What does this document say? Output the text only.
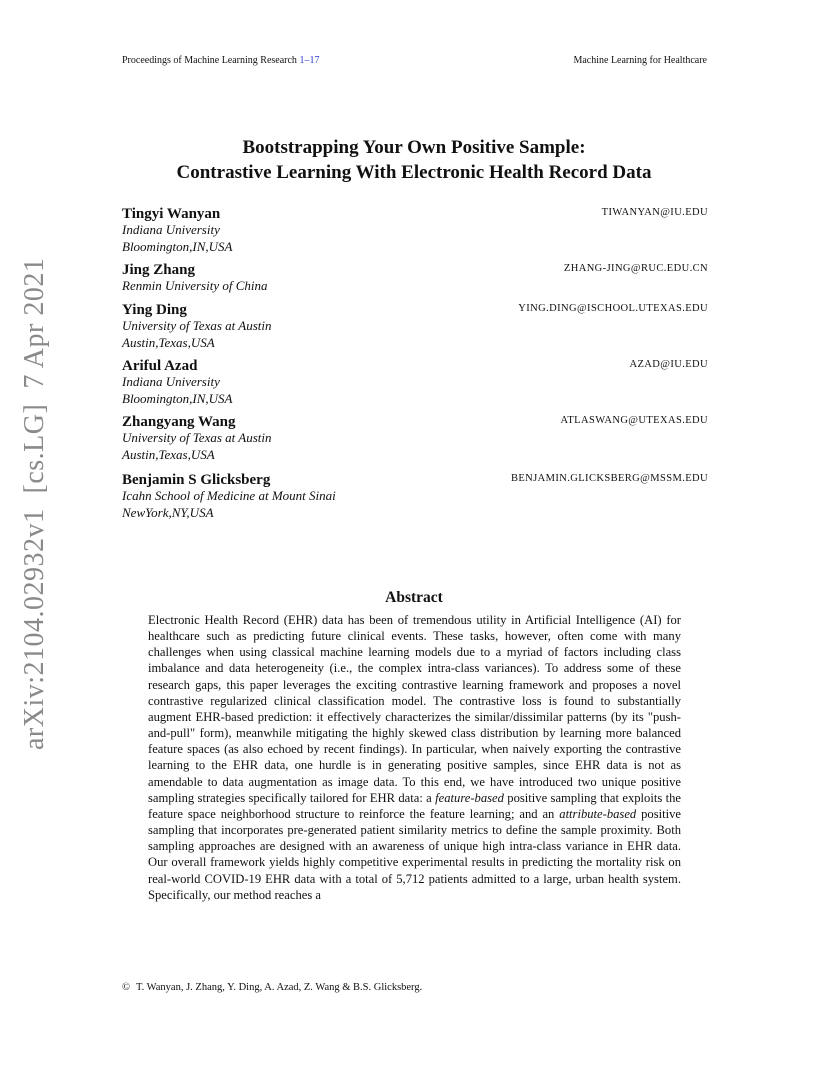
Proceedings of Machine Learning Research 1–17	Machine Learning for Healthcare
Bootstrapping Your Own Positive Sample:
Contrastive Learning With Electronic Health Record Data
Tingyi Wanyan	TIWANYAN@IU.EDU
Indiana University
Bloomington,IN,USA
Jing Zhang	ZHANG-JING@RUC.EDU.CN
Renmin University of China
Ying Ding	YING.DING@ISCHOOL.UTEXAS.EDU
University of Texas at Austin
Austin,Texas,USA
Ariful Azad	AZAD@IU.EDU
Indiana University
Bloomington,IN,USA
Zhangyang Wang	ATLASWANG@UTEXAS.EDU
University of Texas at Austin
Austin,Texas,USA
Benjamin S Glicksberg	BENJAMIN.GLICKSBERG@MSSM.EDU
Icahn School of Medicine at Mount Sinai
NewYork,NY,USA
arXiv:2104.02932v1  [cs.LG]  7 Apr 2021	Abstract
Electronic Health Record (EHR) data has been of tremendous utility in Artificial Intelligence (AI) for healthcare such as predicting future clinical events. These tasks, however, often come with many challenges when using classical machine learning models due to a myriad of factors including class imbalance and data heterogeneity (i.e., the complex intra-class variances). To address some of these research gaps, this paper leverages the exciting contrastive learning framework and proposes a novel contrastive regularized clinical classification model. The contrastive loss is found to substantially augment EHR-based prediction: it effectively characterizes the similar/dissimilar patterns (by its "push-and-pull" form), meanwhile mitigating the highly skewed class distribution by learning more balanced feature spaces (as also echoed by recent findings). In particular, when naively exporting the contrastive learning to the EHR data, one hurdle is in generating positive samples, since EHR data is not as amendable to data augmentation as image data. To this end, we have introduced two unique positive sampling strategies specifically tailored for EHR data: a feature-based positive sampling that exploits the feature space neighborhood structure to reinforce the feature learning; and an attribute-based positive sampling that incorporates pre-generated patient similarity metrics to define the sample proximity. Both sampling approaches are designed with an awareness of unique high intra-class variance in EHR data. Our overall framework yields highly competitive experimental results in predicting the mortality risk on real-world COVID-19 EHR data with a total of 5,712 patients admitted to a large, urban health system. Specifically, our method reaches a
© T. Wanyan, J. Zhang, Y. Ding, A. Azad, Z. Wang & B.S. Glicksberg.
